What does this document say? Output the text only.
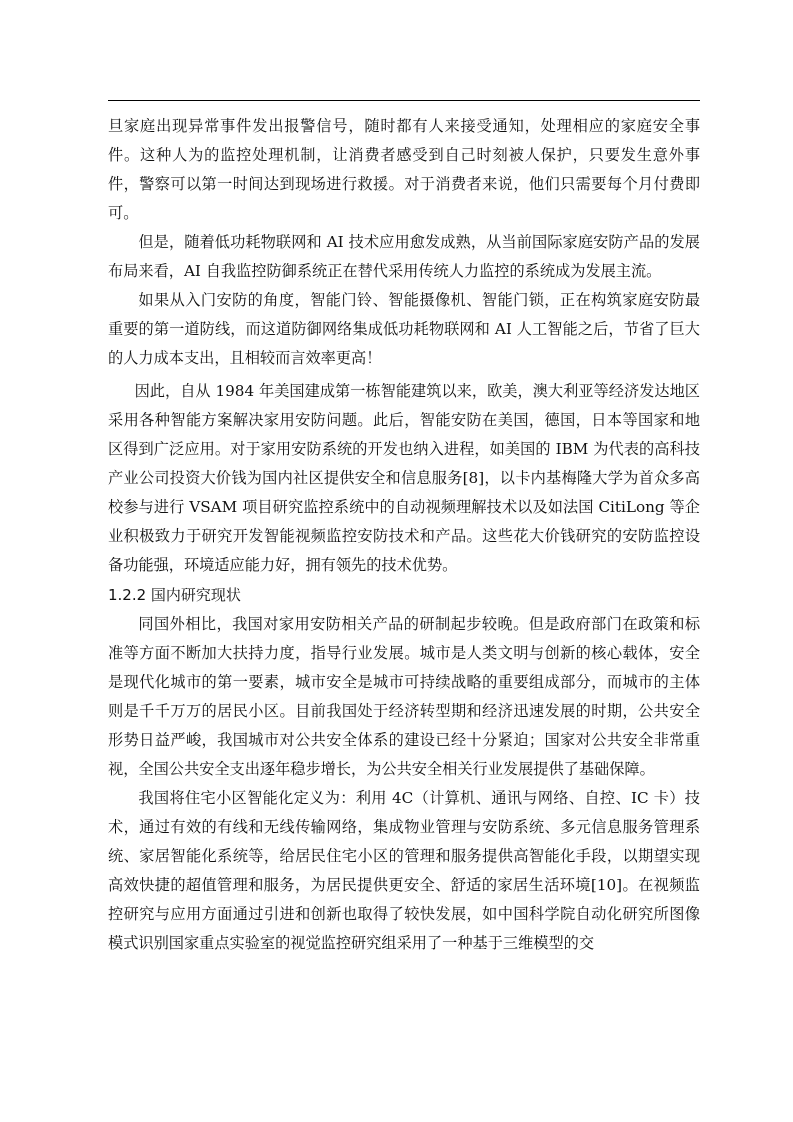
旦家庭出现异常事件发出报警信号，随时都有人来接受通知，处理相应的家庭安全事件。这种人为的监控处理机制，让消费者感受到自己时刻被人保护，只要发生意外事件，警察可以第一时间达到现场进行救援。对于消费者来说，他们只需要每个月付费即可。

但是，随着低功耗物联网和 AI 技术应用愈发成熟，从当前国际家庭安防产品的发展布局来看，AI 自我监控防御系统正在替代采用传统人力监控的系统成为发展主流。

如果从入门安防的角度，智能门铃、智能摄像机、智能门锁，正在构筑家庭安防最重要的第一道防线，而这道防御网络集成低功耗物联网和 AI 人工智能之后，节省了巨大的人力成本支出，且相较而言效率更高！

因此，自从 1984 年美国建成第一栋智能建筑以来，欧美，澳大利亚等经济发达地区采用各种智能方案解决家用安防问题。此后，智能安防在美国，德国，日本等国家和地区得到广泛应用。对于家用安防系统的开发也纳入进程，如美国的 IBM 为代表的高科技产业公司投资大价钱为国内社区提供安全和信息服务[8]，以卡内基梅隆大学为首众多高校参与进行 VSAM 项目研究监控系统中的自动视频理解技术以及如法国 CitiLong 等企业积极致力于研究开发智能视频监控安防技术和产品。这些花大价钱研究的安防监控设备功能强，环境适应能力好，拥有领先的技术优势。

1.2.2 国内研究现状

同国外相比，我国对家用安防相关产品的研制起步较晚。但是政府部门在政策和标准等方面不断加大扶持力度，指导行业发展。城市是人类文明与创新的核心载体，安全是现代化城市的第一要素，城市安全是城市可持续战略的重要组成部分，而城市的主体则是千千万万的居民小区。目前我国处于经济转型期和经济迅速发展的时期，公共安全形势日益严峻，我国城市对公共安全体系的建设已经十分紧迫；国家对公共安全非常重视，全国公共安全支出逐年稳步增长，为公共安全相关行业发展提供了基础保障。

我国将住宅小区智能化定义为：利用 4C（计算机、通讯与网络、自控、IC 卡）技术，通过有效的有线和无线传输网络，集成物业管理与安防系统、多元信息服务管理系统、家居智能化系统等，给居民住宅小区的管理和服务提供高智能化手段，以期望实现高效快捷的超值管理和服务，为居民提供更安全、舒适的家居生活环境[10]。在视频监控研究与应用方面通过引进和创新也取得了较快发展，如中国科学院自动化研究所图像模式识别国家重点实验室的视觉监控研究组采用了一种基于三维模型的交
